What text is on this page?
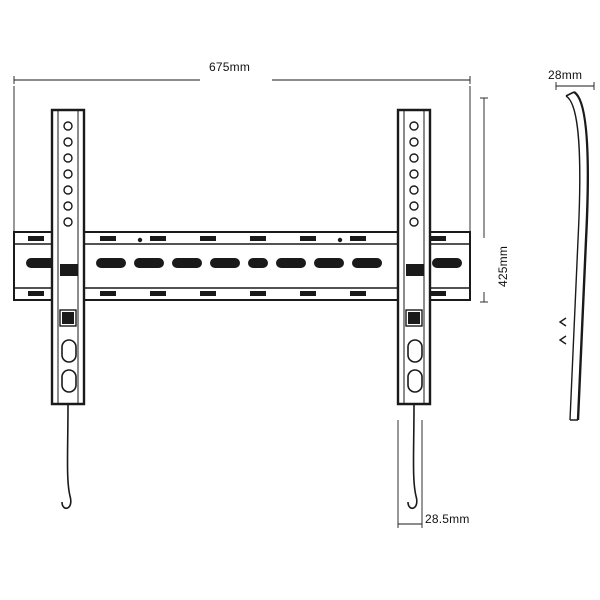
675mm
28mm
425mm
28.5mm
